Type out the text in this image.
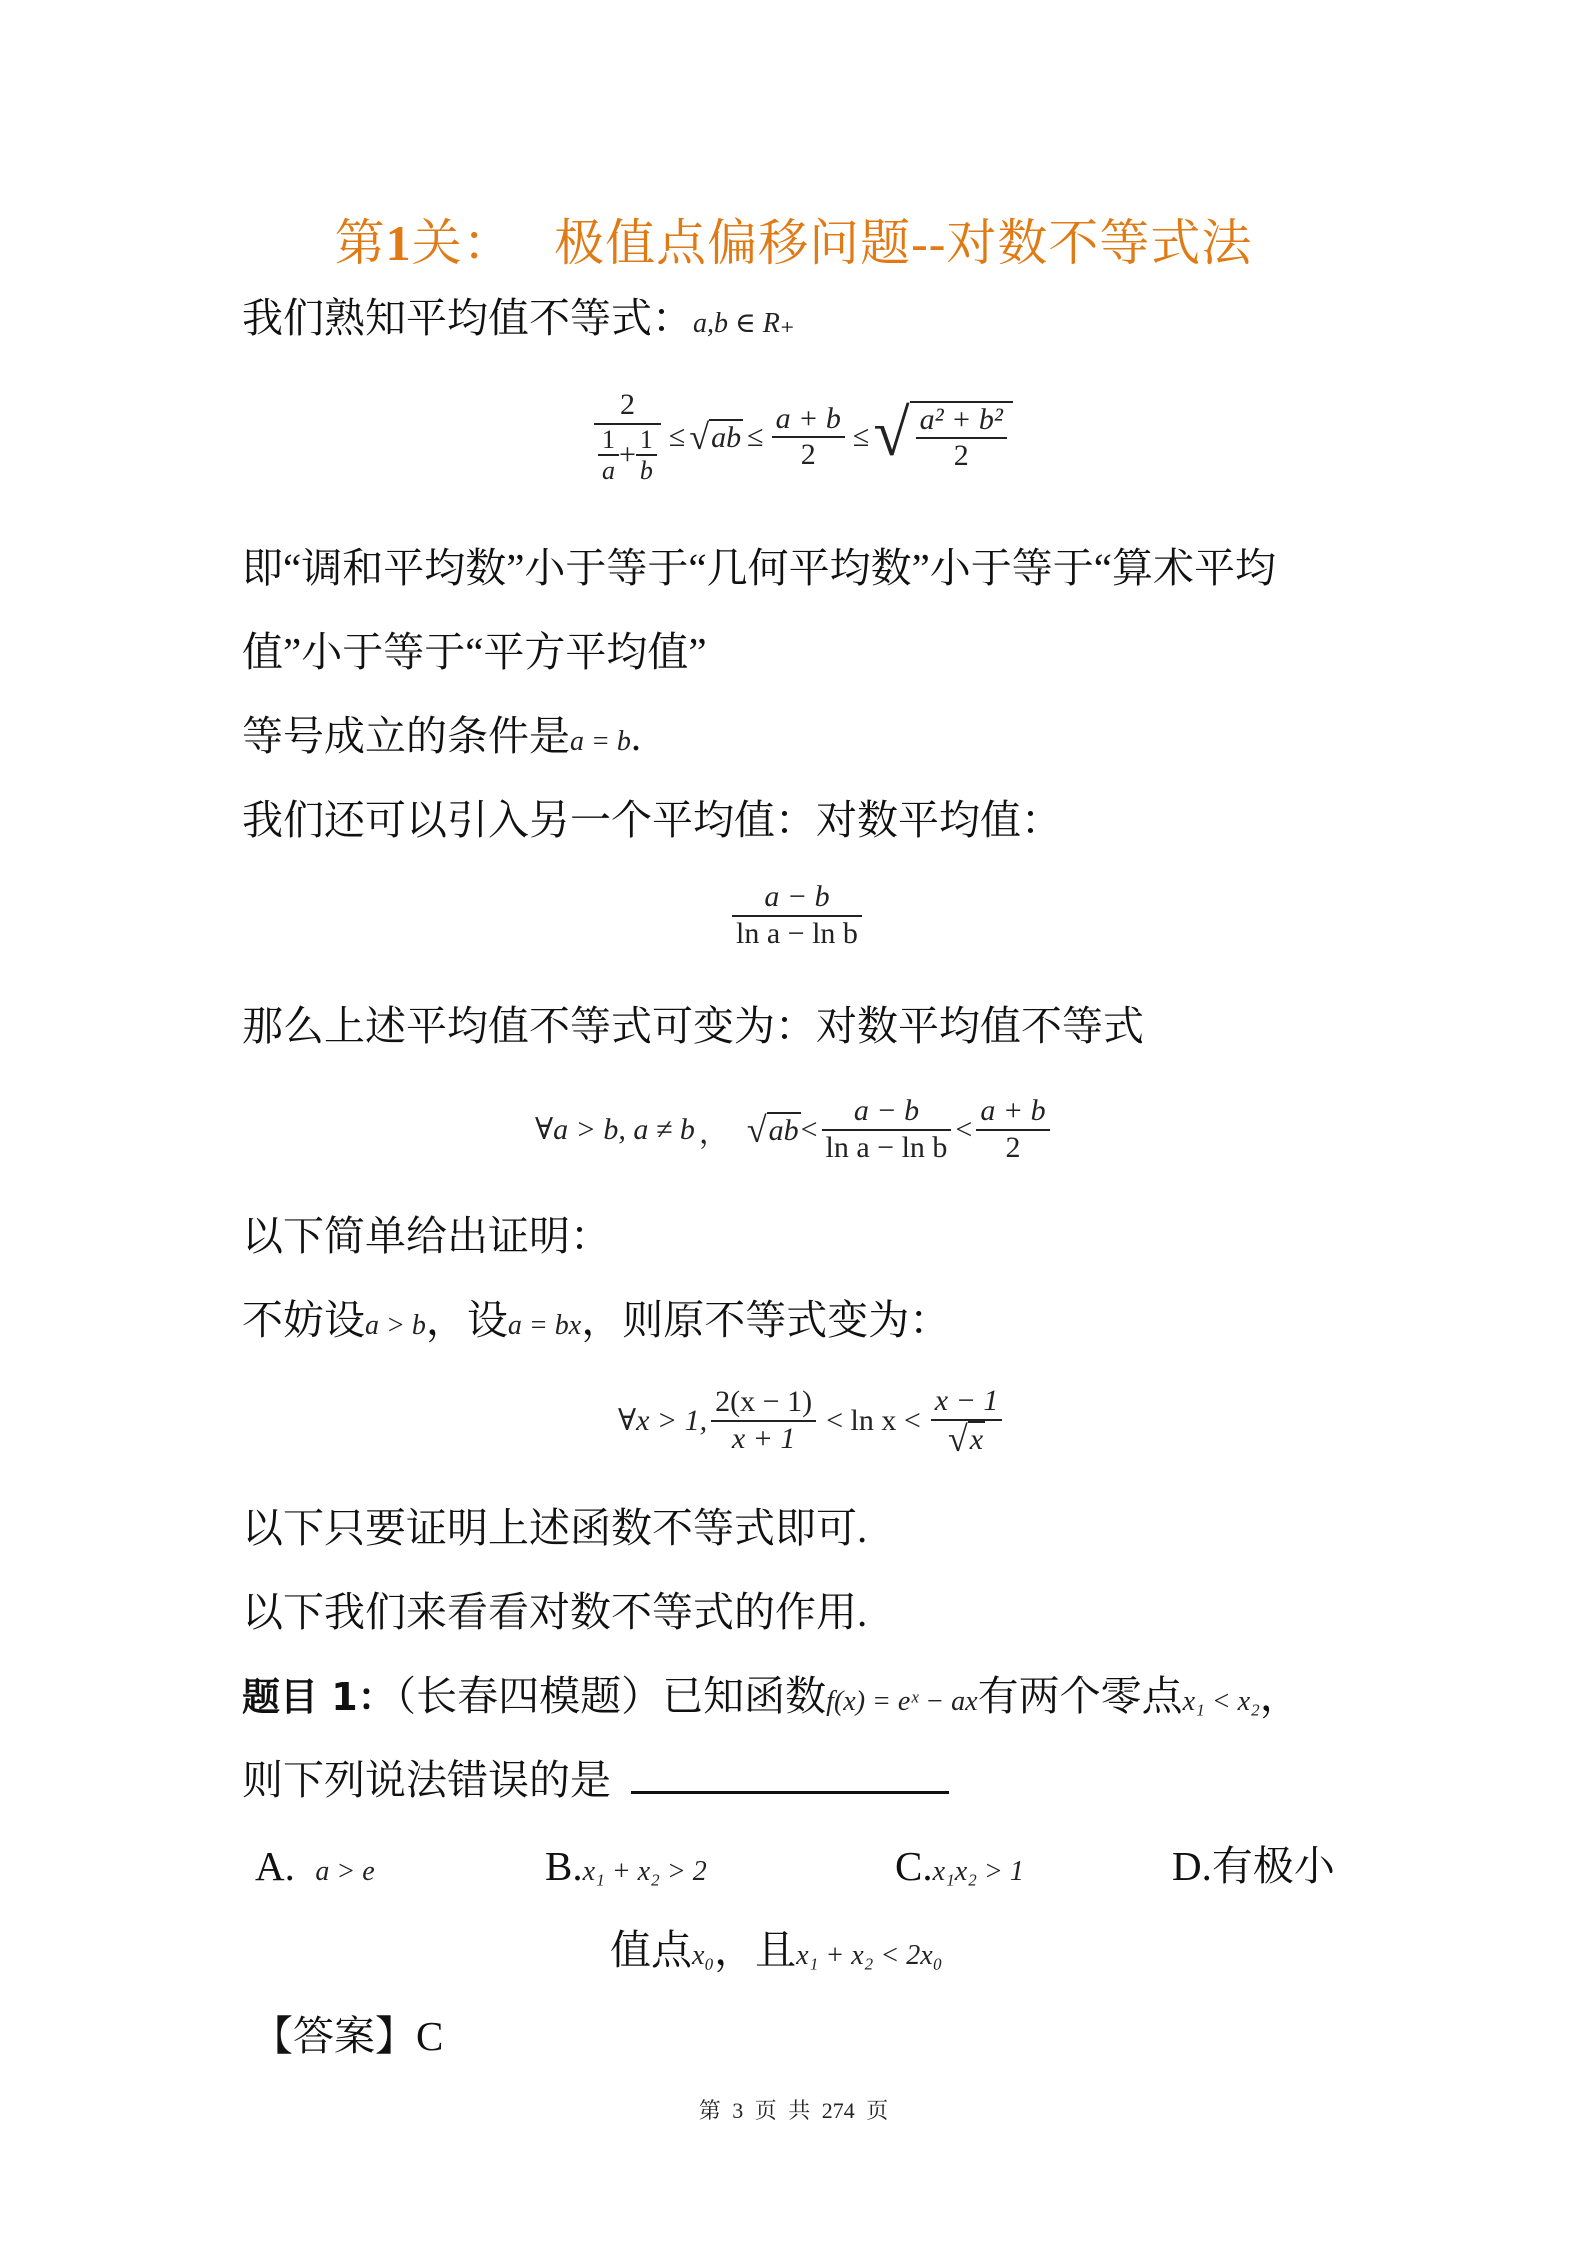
第1关： 极值点偏移问题--对数不等式法
我们熟知平均值不等式：a,b ∈ R₊
2
$\frac{1}{a} + \frac{1}{b}$ ≤ √ ab ≤ $\frac{a + b}{2}$ ≤ √ $\frac{\text{a² + b²}}{2}$
即“调和平均数”小于等于“几何平均数”小于等于“算术平均
值”小于等于“平方平均值”
等号成立的条件是a = b.
我们还可以引入另一个平均值：对数平均值：
$\frac{a - b}{\text{ln a − ln b}}$
那么上述平均值不等式可变为：对数平均值不等式
∀a > b, a ≠ b ， √ ab < $\frac{a - b}{\text{ln a − ln b}} < \frac{a + b}{2}$
以下简单给出证明：
不妨设a > b，设a = bx，则原不等式变为：
∀x > 1, $\frac{2(x - 1)}{x + 1} < \ln x < \frac{x - 1}{√ x}$
以下只要证明上述函数不等式即可.
以下我们来看看对数不等式的作用.
题目 1：（长春四模题）已知函数f(x) = eˣ − ax有两个零点x₁ < x₂，
则下列说法错误的是
A. a > e	B.x₁ + x₂ > 2	C.x₁x₂ > 1	D.有极小
值点x₀，且x₁ + x₂ < 2x₀
【答案】C
第 3 页 共 274 页
